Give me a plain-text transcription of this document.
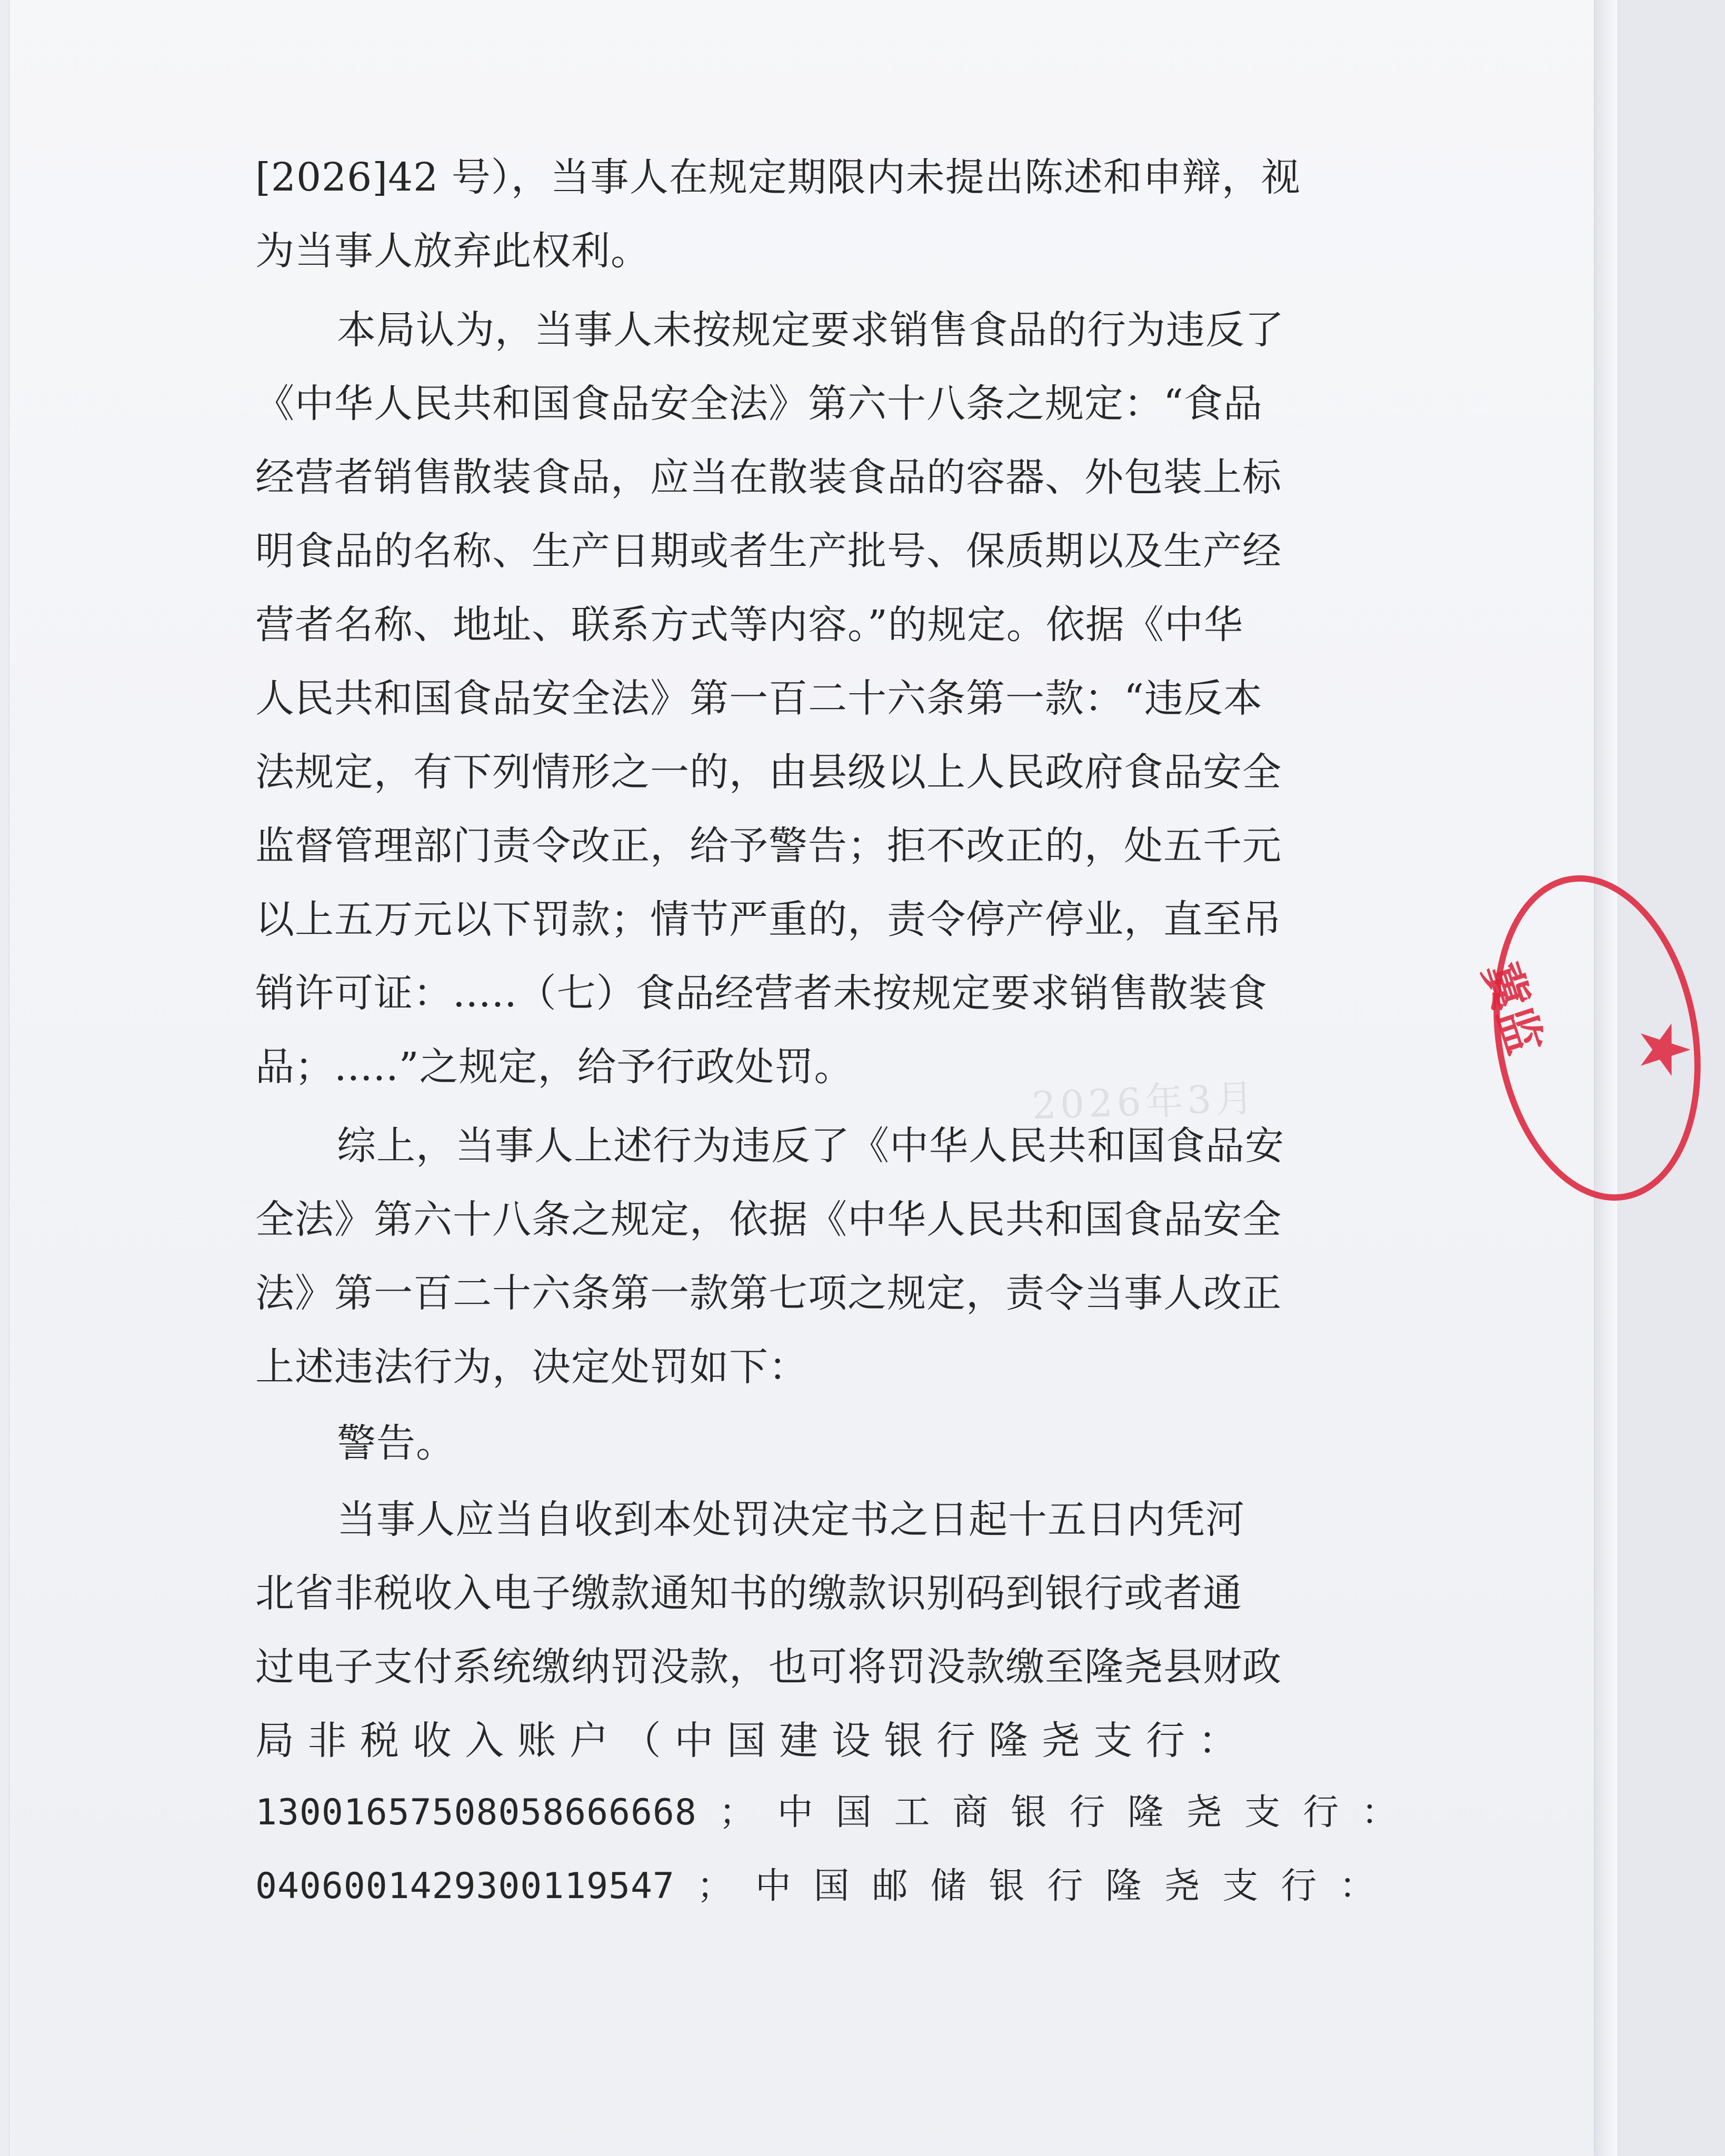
2026年3月
[2026]42 号），当事人在规定期限内未提出陈述和申辩，视
为当事人放弃此权利。
本局认为，当事人未按规定要求销售食品的行为违反了
《中华人民共和国食品安全法》第六十八条之规定：“食品
经营者销售散装食品，应当在散装食品的容器、外包装上标
明食品的名称、生产日期或者生产批号、保质期以及生产经
营者名称、地址、联系方式等内容。”的规定。依据《中华
人民共和国食品安全法》第一百二十六条第一款：“违反本
法规定，有下列情形之一的，由县级以上人民政府食品安全
监督管理部门责令改正，给予警告；拒不改正的，处五千元
以上五万元以下罚款；情节严重的，责令停产停业，直至吊
销许可证：.....（七）食品经营者未按规定要求销售散装食
品；.....”之规定，给予行政处罚。
综上，当事人上述行为违反了《中华人民共和国食品安
全法》第六十八条之规定，依据《中华人民共和国食品安全
法》第一百二十六条第一款第七项之规定，责令当事人改正
上述违法行为，决定处罚如下：
警告。
当事人应当自收到本处罚决定书之日起十五日内凭河
北省非税收入电子缴款通知书的缴款识别码到银行或者通
过电子支付系统缴纳罚没款，也可将罚没款缴至隆尧县财政
局 非 税 收 入 账 户 （ 中 国 建 设 银 行 隆 尧 支 行 ：
13001657508058666668 ； 中 国 工 商 银 行 隆 尧 支 行 ：
0406001429300119547 ； 中 国 邮 储 银 行 隆 尧 支 行 ：
冀监 ★
